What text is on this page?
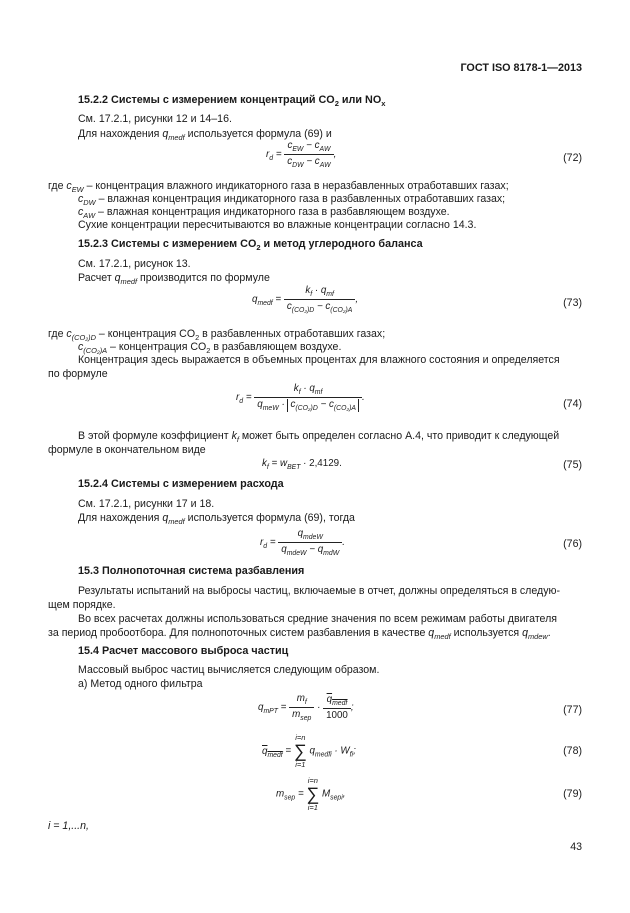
ГОСТ ISO 8178-1—2013
15.2.2 Системы с измерением концентраций $CO_2$ или $NO_x$
См. 17.2.1, рисунки 12 и 14–16.
Для нахождения $q_{medf}$ используется формула (69) и
$r_d = \frac{c_{EW} - c_{AW}}{c_{DW} - c_{AW}}$ ,	(72)
где $c_{EW}$ – концентрация влажного индикаторного газа в неразбавленных отработавших газах;
$c_{DW}$ – влажная концентрация индикаторного газа в разбавленных отработавших газах;
$c_{AW}$ – влажная концентрация индикаторного газа в разбавляющем воздухе.
Сухие концентрации пересчитываются во влажные концентрации согласно 14.3.
15.2.3 Системы с измерением $CO_2$ и метод углеродного баланса
См. 17.2.1, рисунок 13.
Расчет $q_{medf}$ производится по формуле
$q_{medf} = \frac{k_f \cdot q_{mf}}{c_{(CO_2)D} - c_{(CO_2)A}}$ ,	(73)
где $c_{(CO_2)D}$ – концентрация $CO_2$ в разбавленных отработавших газах;
$c_{(CO_2)A}$ – концентрация $CO_2$ в разбавляющем воздухе.
Концентрация здесь выражается в объемных процентах для влажного состояния и определяется
по формуле
$r_d = \frac{k_f \cdot q_{mf}}{q_{meW} \cdot c_{(CO_2)D} - c_{(CO_2)A}}$ .
(74)
В этой формуле коэффициент $k_f$ может быть определен согласно А.4, что приводит к следующей
формуле в окончательном виде
$k_f = w_{BET} \cdot 2,4129$.	(75)
15.2.4 Системы с измерением расхода
См. 17.2.1, рисунки 17 и 18.
Для нахождения $q_{medf}$ используется формула (69), тогда
$r_d = \frac{q_{mdeW}}{q_{mdeW} - q_{mdW}}$ .	(76)
15.3 Полнопоточная система разбавления
Результаты испытаний на выбросы частиц, включаемые в отчет, должны определяться в следую-
щем порядке.
Во всех расчетах должны использоваться средние значения по всем режимам работы двигателя
за период пробоотбора. Для полнопоточных систем разбавления в качестве $q_{medf}$ используется $q_{mdew}$.
15.4 Расчет массового выброса частиц
Массовый выброс частиц вычисляется следующим образом.
а) Метод одного фильтра
$q_{mPT} = \frac{m_f}{m_{sep}} \cdot \frac{q_{medf}}{1000}$ ;	(77)
$q_{medf}$ =
i=n
∑
i=1
$q_{medfi} \cdot W_{fi}$;	(78)
$m_{sep}$ =
i=n
∑
i=1
$M_{sepi}$,	(79)
i = 1,...n,
43
